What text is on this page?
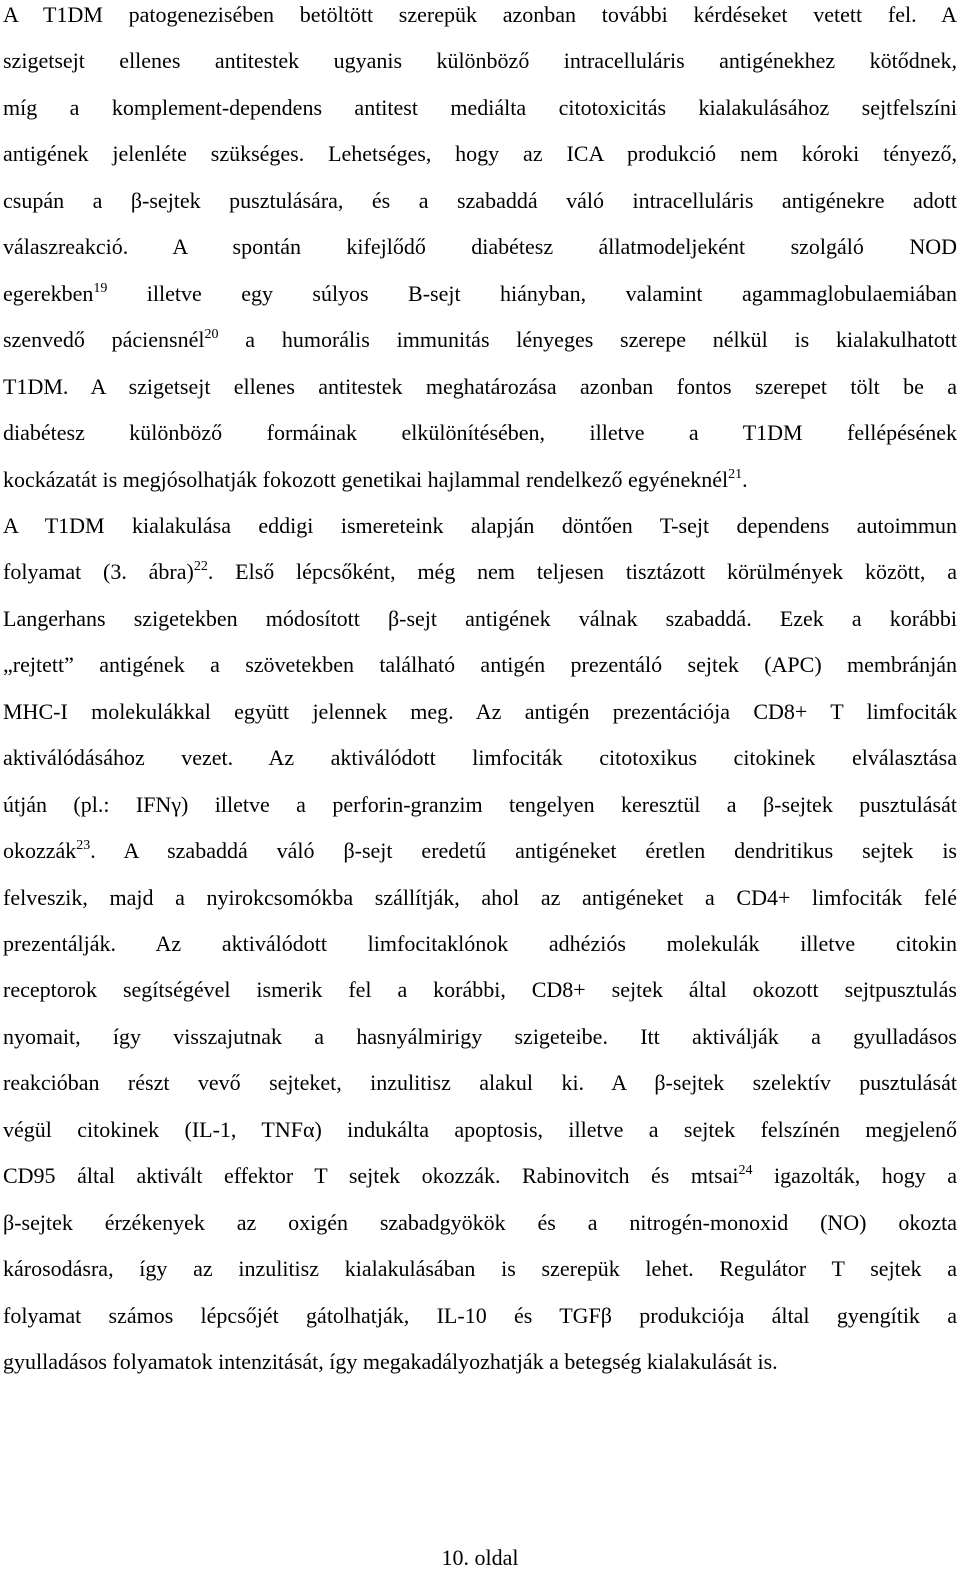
A T1DM patogenezisében betöltött szerepük azonban további kérdéseket vetett fel. A
szigetsejt ellenes antitestek ugyanis különböző intracelluláris antigénekhez kötődnek,
míg a komplement-dependens antitest mediálta citotoxicitás kialakulásához sejtfelszíni
antigének jelenléte szükséges. Lehetséges, hogy az ICA produkció nem kóroki tényező,
csupán a β-sejtek pusztulására, és a szabaddá váló intracelluláris antigénekre adott
válaszreakció. A spontán kifejlődő diabétesz állatmodeljeként szolgáló NOD
egerekben$^{19}$ illetve egy súlyos B-sejt hiányban, valamint agammaglobulaemiában
szenvedő páciensnél$^{20}$ a humorális immunitás lényeges szerepe nélkül is kialakulhatott
T1DM. A szigetsejt ellenes antitestek meghatározása azonban fontos szerepet tölt be a
diabétesz különböző formáinak elkülönítésében, illetve a T1DM fellépésének
kockázatát is megjósolhatják fokozott genetikai hajlammal rendelkező egyéneknél$^{21}$.
A T1DM kialakulása eddigi ismereteink alapján döntően T-sejt dependens autoimmun
folyamat (3. ábra)$^{22}$. Első lépcsőként, még nem teljesen tisztázott körülmények között, a
Langerhans szigetekben módosított β-sejt antigének válnak szabaddá. Ezek a korábbi
„rejtett” antigének a szövetekben található antigén prezentáló sejtek (APC) membránján
MHC-I molekulákkal együtt jelennek meg. Az antigén prezentációja CD8+ T limfociták
aktiválódásához vezet. Az aktiválódott limfociták citotoxikus citokinek elválasztása
útján (pl.: IFNγ) illetve a perforin-granzim tengelyen keresztül a β-sejtek pusztulását
okozzák$^{23}$. A szabaddá váló β-sejt eredetű antigéneket éretlen dendritikus sejtek is
felveszik, majd a nyirokcsomókba szállítják, ahol az antigéneket a CD4+ limfociták felé
prezentálják. Az aktiválódott limfocitaklónok adhéziós molekulák illetve citokin
receptorok segítségével ismerik fel a korábbi, CD8+ sejtek által okozott sejtpusztulás
nyomait, így visszajutnak a hasnyálmirigy szigeteibe. Itt aktiválják a gyulladásos
reakcióban részt vevő sejteket, inzulitisz alakul ki. A β-sejtek szelektív pusztulását
végül citokinek (IL-1, TNFα) indukálta apoptosis, illetve a sejtek felszínén megjelenő
CD95 által aktivált effektor T sejtek okozzák. Rabinovitch és mtsai$^{24}$ igazolták, hogy a
β-sejtek érzékenyek az oxigén szabadgyökök és a nitrogén-monoxid (NO) okozta
károsodásra, így az inzulitisz kialakulásában is szerepük lehet. Regulátor T sejtek a
folyamat számos lépcsőjét gátolhatják, IL-10 és TGFβ produkciója által gyengítik a
gyulladásos folyamatok intenzitását, így megakadályozhatják a betegség kialakulását is.
10. oldal
